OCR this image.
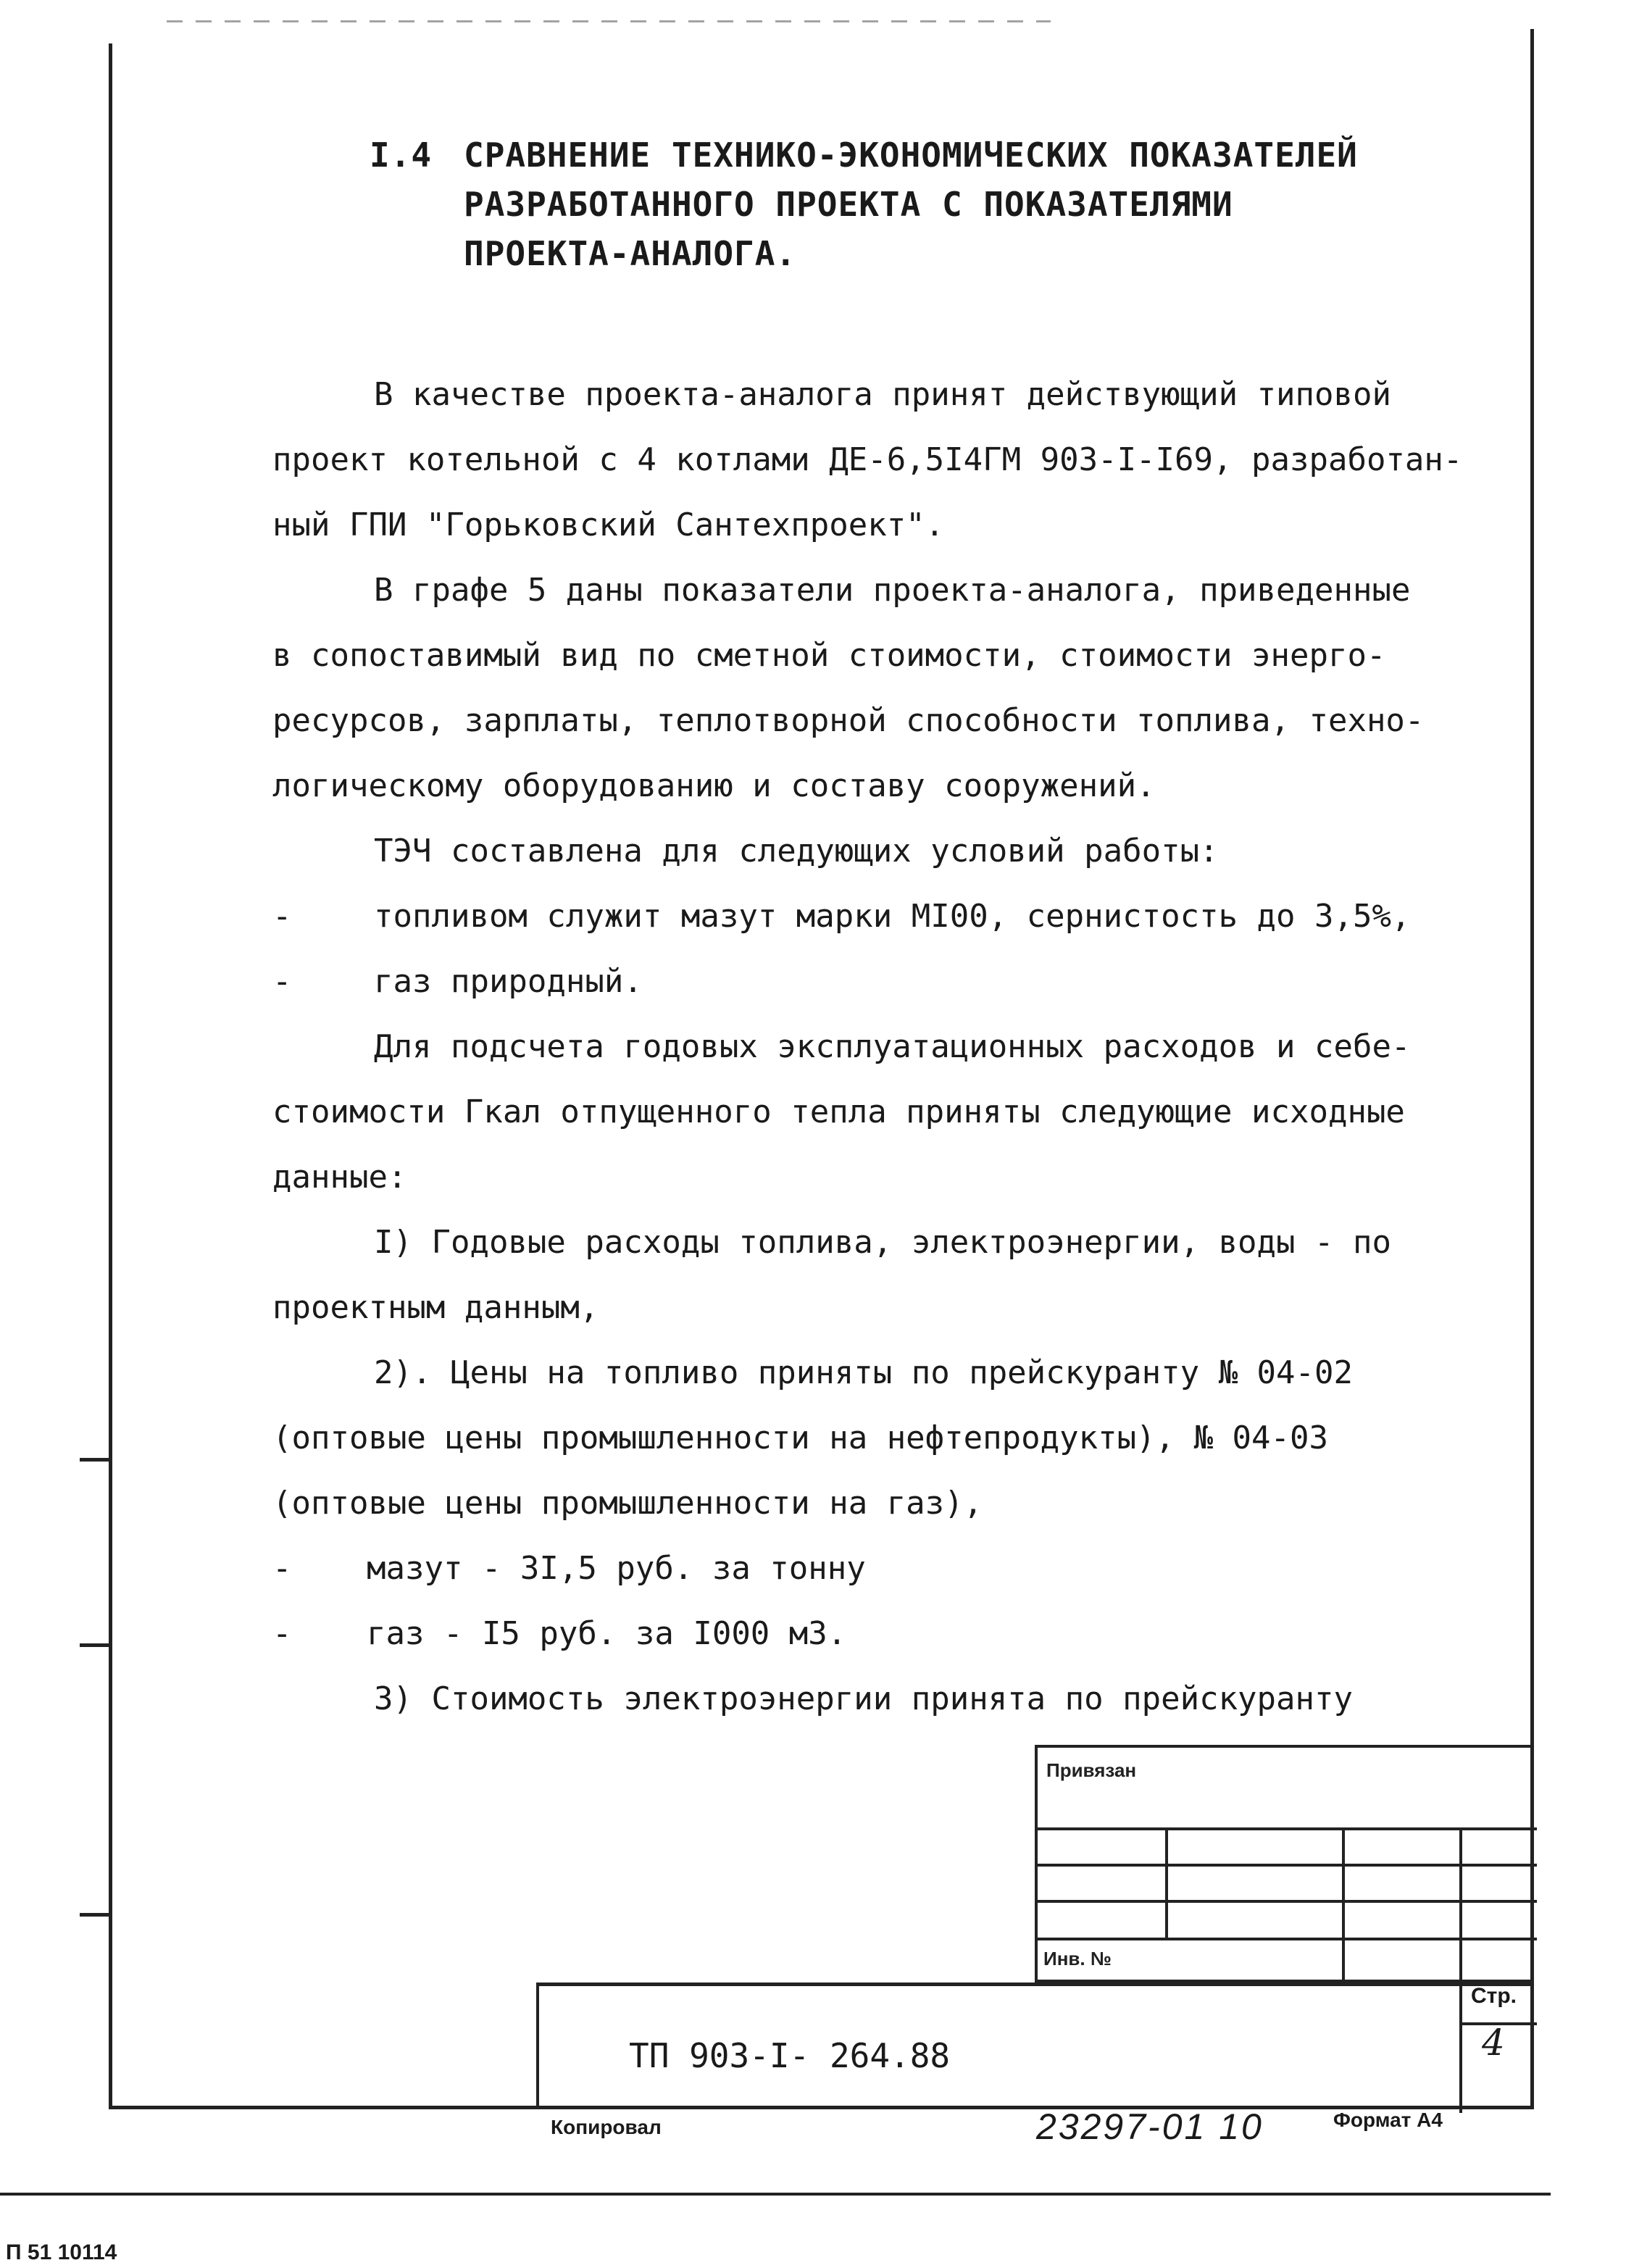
I.4 СРАВНЕНИЕ ТЕХНИКО-ЭКОНОМИЧЕСКИХ ПОКАЗАТЕЛЕЙ
РАЗРАБОТАННОГО ПРОЕКТА С ПОКАЗАТЕЛЯМИ
ПРОЕКТА-АНАЛОГА.
В качестве проекта-аналога принят действующий типовой
проект котельной с 4 котлами ДЕ-6,5I4ГМ 903-I-I69, разработан-
ный ГПИ "Горьковский Сантехпроект".
В графе 5 даны показатели проекта-аналога, приведенные
в сопоставимый вид по сметной стоимости, стоимости энерго-
ресурсов, зарплаты, теплотворной способности топлива, техно-
логическому оборудованию и составу сооружений.
ТЭЧ составлена для следующих условий работы:
-	топливом служит мазут марки МI00, сернистость до 3,5%,
-	газ природный.
Для подсчета годовых эксплуатационных расходов и себе-
стоимости Гкал отпущенного тепла приняты следующие исходные
данные:
I) Годовые расходы топлива, электроэнергии, воды - по
проектным данным,
2). Цены на топливо приняты по прейскуранту № 04-02
(оптовые цены промышленности на нефтепродукты), № 04-03
(оптовые цены промышленности на газ),
- мазут - 3I,5 руб. за тонну
- газ - I5 руб. за I000 м3.
3) Стоимость электроэнергии принята по прейскуранту
Привязан
Инв. №
ТП 903-I- 264.88
Стр.
4
Копировал	23297-01 10	Формат А4
П 51 10114
